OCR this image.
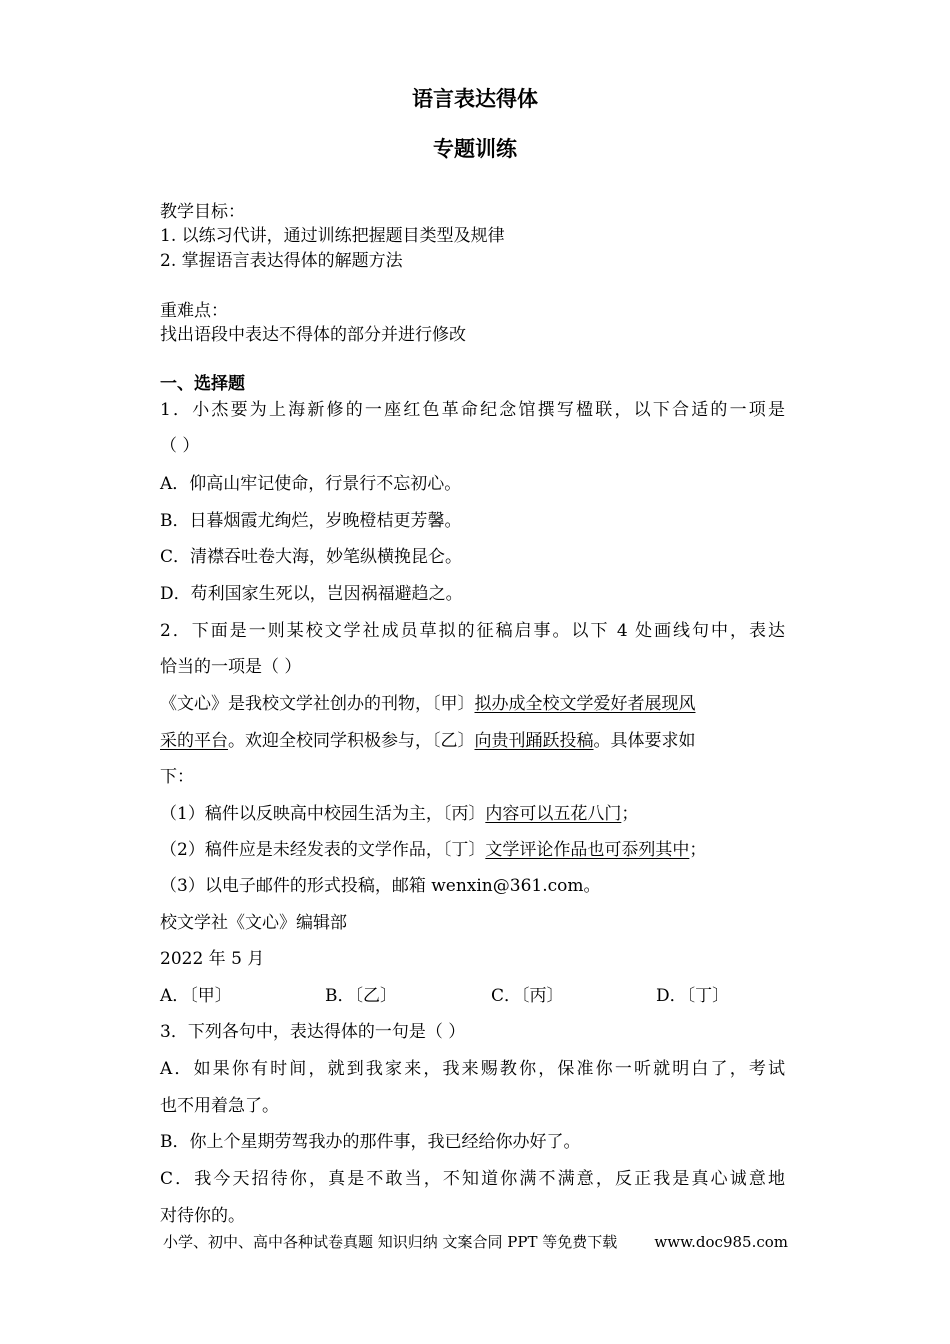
语言表达得体
专题训练
教学目标：
1. 以练习代讲，通过训练把握题目类型及规律
2. 掌握语言表达得体的解题方法
重难点：
找出语段中表达不得体的部分并进行修改
一、选择题
1．小杰要为上海新修的一座红色革命纪念馆撰写楹联，以下合适的一项是
（ ）
A．仰高山牢记使命，行景行不忘初心。
B．日暮烟霞尤绚烂，岁晚橙桔更芳馨。
C．清襟吞吐卷大海，妙笔纵横挽昆仑。
D．苟利国家生死以，岂因祸福避趋之。
2．下面是一则某校文学社成员草拟的征稿启事。以下 4 处画线句中，表达
恰当的一项是（ ）
《文心》是我校文学社创办的刊物，〔甲〕拟办成全校文学爱好者展现风
采的平台。欢迎全校同学积极参与，〔乙〕向贵刊踊跃投稿。具体要求如
下：
（1）稿件以反映高中校园生活为主，〔丙〕内容可以五花八门；
（2）稿件应是未经发表的文学作品，〔丁〕文学评论作品也可忝列其中；
（3）以电子邮件的形式投稿，邮箱 wenxin@361.com。
校文学社《文心》编辑部
2022 年 5 月
A．〔甲〕	B．〔乙〕	C．〔丙〕	D．〔丁〕
3．下列各句中，表达得体的一句是（ ）
A．如果你有时间，就到我家来，我来赐教你，保准你一听就明白了，考试
也不用着急了。
B．你上个星期劳驾我办的那件事，我已经给你办好了。
C．我今天招待你，真是不敢当，不知道你满不满意，反正我是真心诚意地
对待你的。
小学、初中、高中各种试卷真题 知识归纳 文案合同 PPT 等免费下载 www.doc985.com
